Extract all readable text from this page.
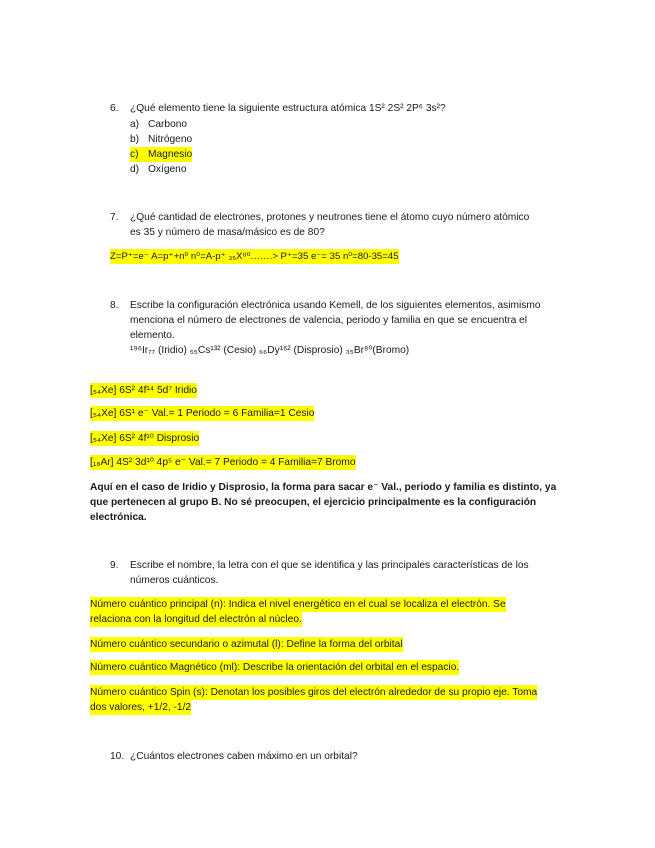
6. ¿Qué elemento tiene la siguiente estructura atómica 1S² 2S² 2P⁶ 3s²?
a) Carbono
b) Nitrógeno
c) Magnesio
d) Oxígeno
7. ¿Qué cantidad de electrones, protones y neutrones tiene el átomo cuyo número atómico
es 35 y número de masa/másico es de 80?
Z=P⁺=e⁻ A=p⁺+n⁰ n⁰=A-p⁺ ₃₅X⁸⁰…….> P⁺=35 e⁻= 35 n⁰=80-35=45
8. Escribe la configuración electrónica usando Kemell, de los siguientes elementos, asimismo
menciona el número de electrones de valencia, periodo y familia en que se encuentra el
elemento.
¹⁹⁶Ir₇₇ (Iridio) ₅₅Cs¹³² (Cesio) ₆₆Dy¹⁶² (Disprosio) ₃₅Br⁸⁰(Bromo)
[₅₄Xe] 6S² 4f¹⁴ 5d⁷ Iridio
[₅₄Xe] 6S¹ e⁻ Val.= 1 Periodo = 6 Familia=1 Cesio
[₅₄Xe] 6S² 4f¹⁰ Disprosio
[₁₈Ar] 4S² 3d¹⁰ 4p⁵ e⁻ Val.= 7 Periodo = 4 Familia=7 Bromo
Aquí en el caso de Iridio y Disprosio, la forma para sacar e⁻ Val., periodo y familia es distinto, ya
que pertenecen al grupo B. No sé preocupen, el ejercicio principalmente es la configuración
electrónica.
9. Escribe el nombre, la letra con el que se identifica y las principales características de los
números cuánticos.
Número cuántico principal (n): Indica el nivel energético en el cual se localiza el electrón. Se
relaciona con la longitud del electrón al núcleo.
Número cuántico secundario o azimutal (l): Define la forma del orbital
Número cuántico Magnético (ml): Describe la orientación del orbital en el espacio.
Número cuántico Spin (s): Denotan los posibles giros del electrón alrededor de su propio eje. Toma
dos valores, +1/2, -1/2
10. ¿Cuántos electrones caben máximo en un orbital?
